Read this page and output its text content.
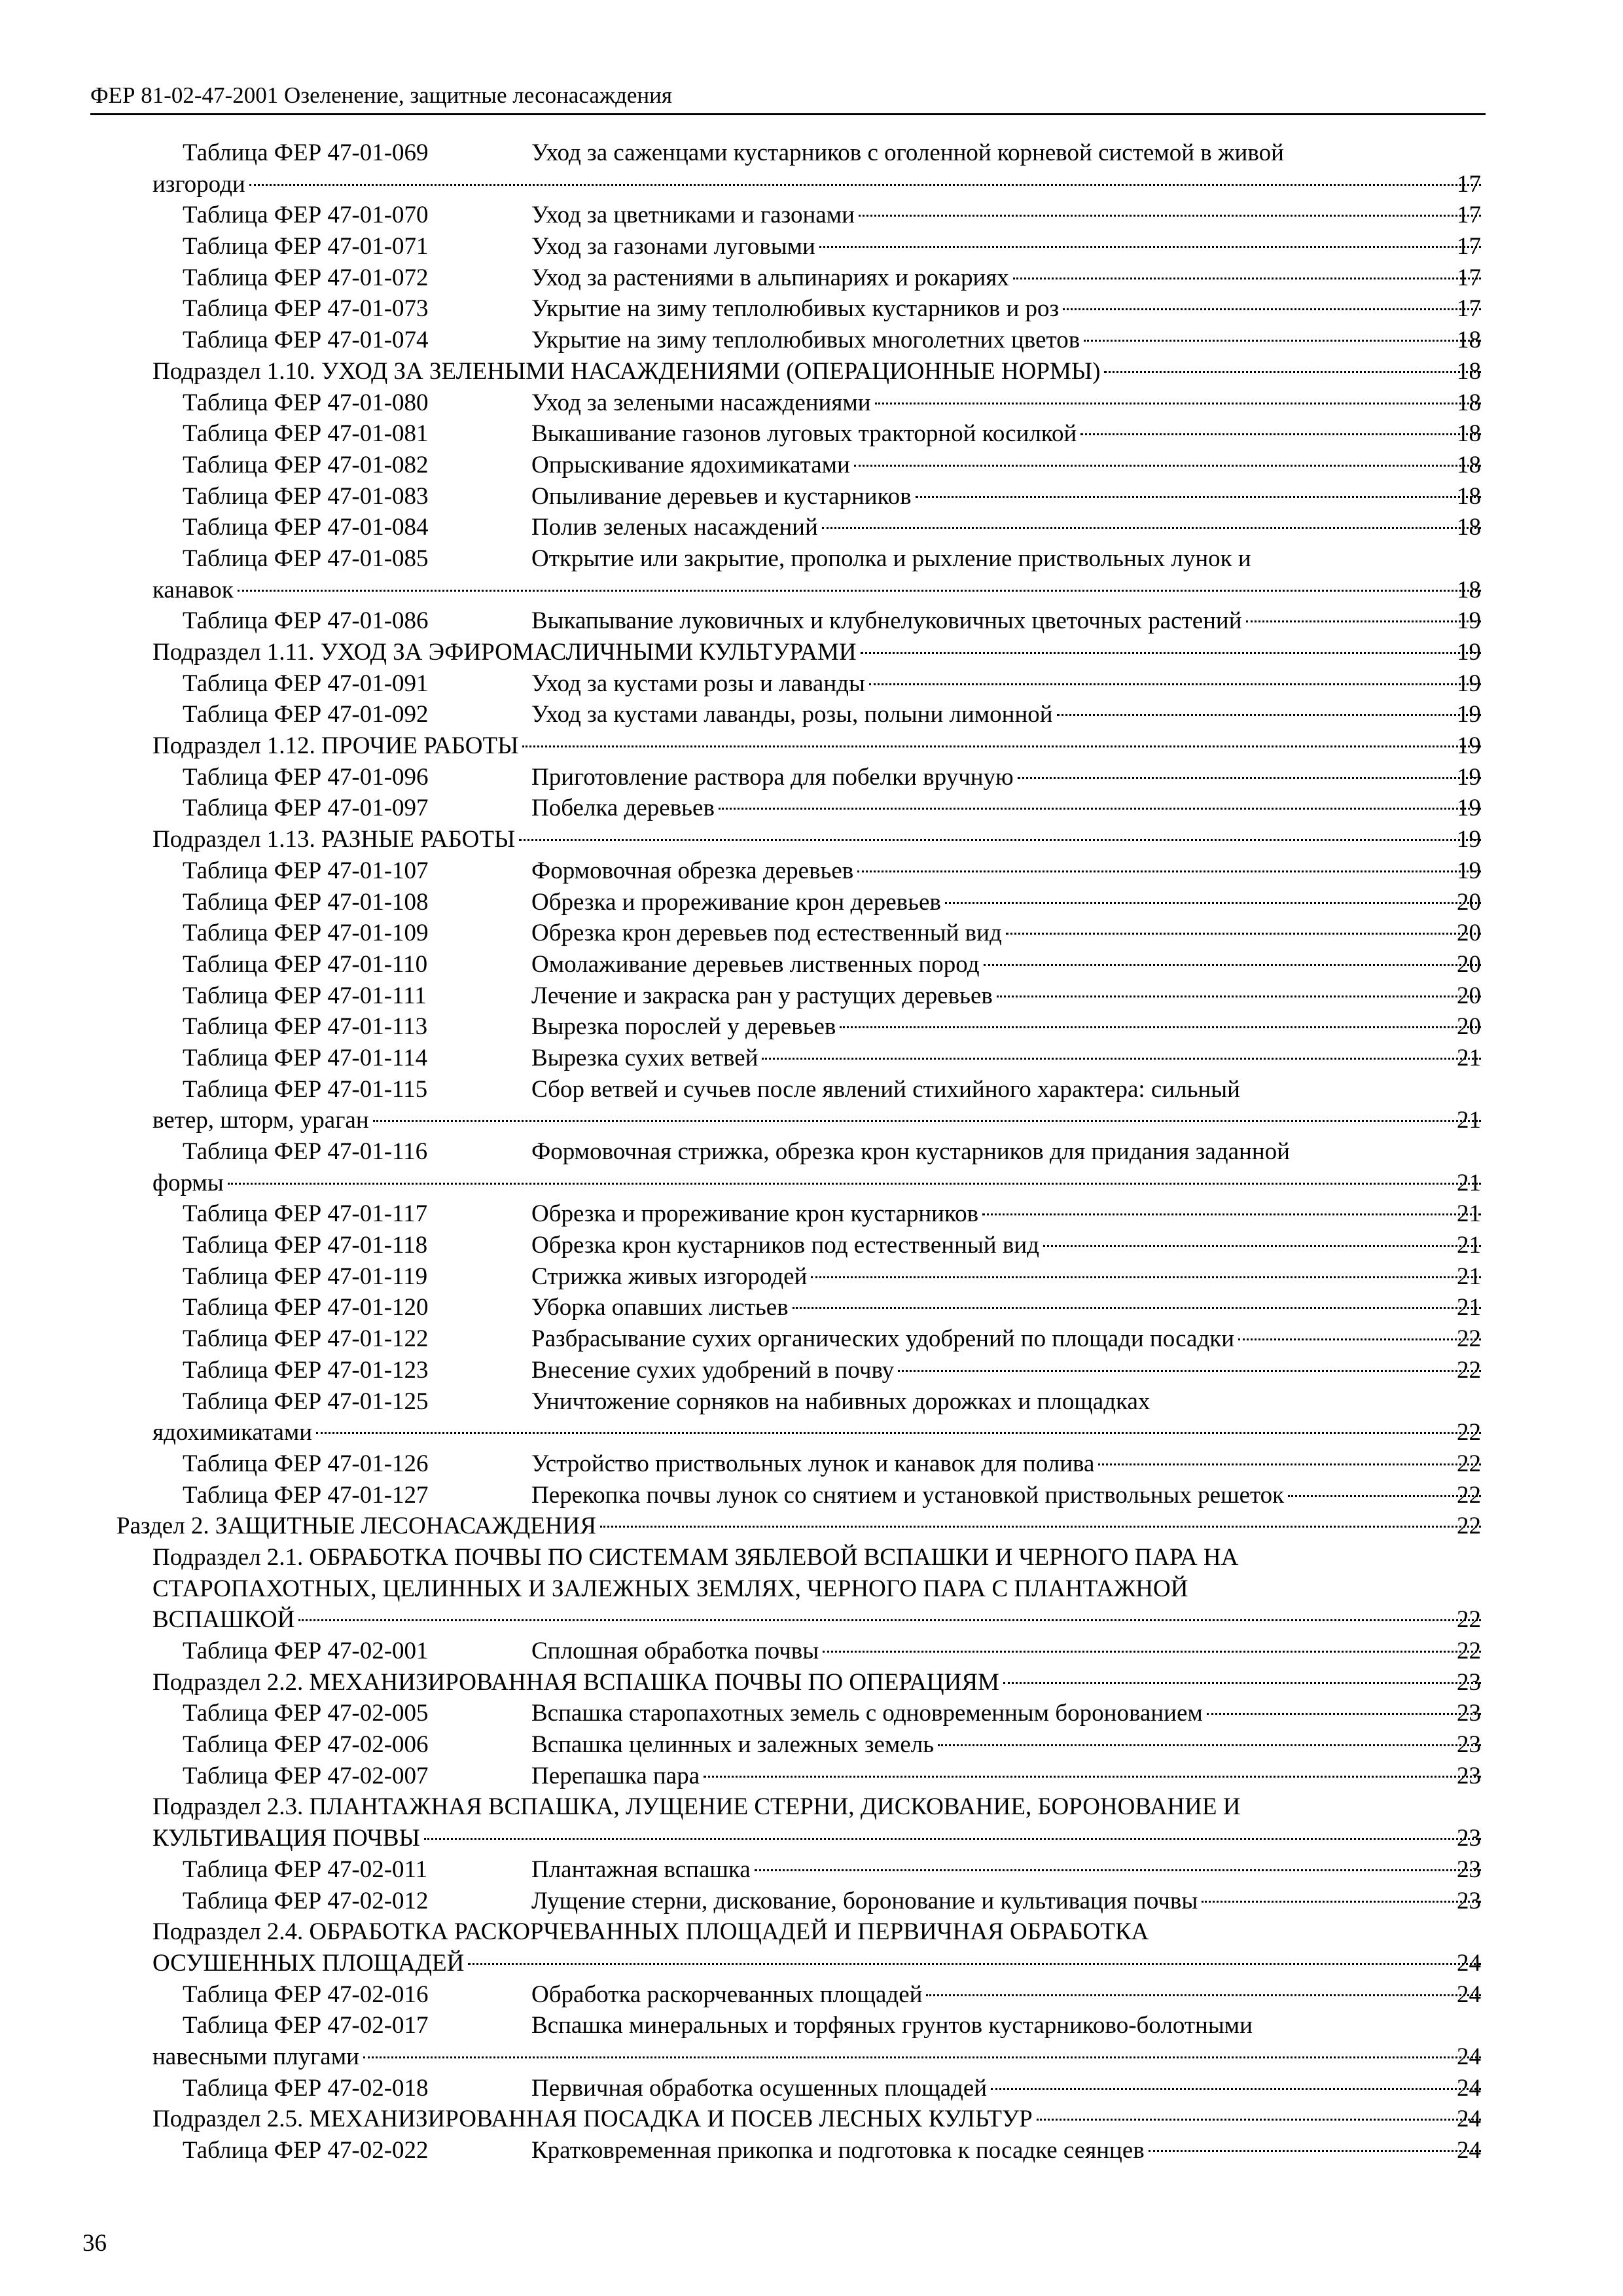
ФЕР 81-02-47-2001 Озеленение, защитные лесонасаждения
Таблица ФЕР 47-01-069	Уход за саженцами кустарников с оголенной корневой системой в живой
изгороди	17
Таблица ФЕР 47-01-070	Уход за цветниками и газонами	17
Таблица ФЕР 47-01-071	Уход за газонами луговыми	17
Таблица ФЕР 47-01-072	Уход за растениями в альпинариях и рокариях	17
Таблица ФЕР 47-01-073	Укрытие на зиму теплолюбивых кустарников и роз	17
Таблица ФЕР 47-01-074	Укрытие на зиму теплолюбивых многолетних цветов	18
Подраздел 1.10. УХОД ЗА ЗЕЛЕНЫМИ НАСАЖДЕНИЯМИ (ОПЕРАЦИОННЫЕ НОРМЫ)	18
Таблица ФЕР 47-01-080	Уход за зелеными насаждениями	18
Таблица ФЕР 47-01-081	Выкашивание газонов луговых тракторной косилкой	18
Таблица ФЕР 47-01-082	Опрыскивание ядохимикатами	18
Таблица ФЕР 47-01-083	Опыливание деревьев и кустарников	18
Таблица ФЕР 47-01-084	Полив зеленых насаждений	18
Таблица ФЕР 47-01-085	Открытие или закрытие, прополка и рыхление приствольных лунок и
канавок	18
Таблица ФЕР 47-01-086	Выкапывание луковичных и клубнелуковичных цветочных растений	19
Подраздел 1.11. УХОД ЗА ЭФИРОМАСЛИЧНЫМИ КУЛЬТУРАМИ	19
Таблица ФЕР 47-01-091	Уход за кустами розы и лаванды	19
Таблица ФЕР 47-01-092	Уход за кустами лаванды, розы, полыни лимонной	19
Подраздел 1.12. ПРОЧИЕ РАБОТЫ	19
Таблица ФЕР 47-01-096	Приготовление раствора для побелки вручную	19
Таблица ФЕР 47-01-097	Побелка деревьев	19
Подраздел 1.13. РАЗНЫЕ РАБОТЫ	19
Таблица ФЕР 47-01-107	Формовочная обрезка деревьев	19
Таблица ФЕР 47-01-108	Обрезка и прореживание крон деревьев	20
Таблица ФЕР 47-01-109	Обрезка крон деревьев под естественный вид	20
Таблица ФЕР 47-01-110	Омолаживание деревьев лиственных пород	20
Таблица ФЕР 47-01-111	Лечение и закраска ран у растущих деревьев	20
Таблица ФЕР 47-01-113	Вырезка порослей у деревьев	20
Таблица ФЕР 47-01-114	Вырезка сухих ветвей	21
Таблица ФЕР 47-01-115	Сбор ветвей и сучьев после явлений стихийного характера: сильный
ветер, шторм, ураган	21
Таблица ФЕР 47-01-116	Формовочная стрижка, обрезка крон кустарников для придания заданной
формы	21
Таблица ФЕР 47-01-117	Обрезка и прореживание крон кустарников	21
Таблица ФЕР 47-01-118	Обрезка крон кустарников под естественный вид	21
Таблица ФЕР 47-01-119	Стрижка живых изгородей	21
Таблица ФЕР 47-01-120	Уборка опавших листьев	21
Таблица ФЕР 47-01-122	Разбрасывание сухих органических удобрений по площади посадки	22
Таблица ФЕР 47-01-123	Внесение сухих удобрений в почву	22
Таблица ФЕР 47-01-125	Уничтожение сорняков на набивных дорожках и площадках
ядохимикатами	22
Таблица ФЕР 47-01-126	Устройство приствольных лунок и канавок для полива	22
Таблица ФЕР 47-01-127	Перекопка почвы лунок со снятием и установкой приствольных решеток	22
Раздел 2. ЗАЩИТНЫЕ ЛЕСОНАСАЖДЕНИЯ	22
Подраздел 2.1. ОБРАБОТКА ПОЧВЫ ПО СИСТЕМАМ ЗЯБЛЕВОЙ ВСПАШКИ И ЧЕРНОГО ПАРА НА
СТАРОПАХОТНЫХ, ЦЕЛИННЫХ И ЗАЛЕЖНЫХ ЗЕМЛЯХ, ЧЕРНОГО ПАРА С ПЛАНТАЖНОЙ
ВСПАШКОЙ	22
Таблица ФЕР 47-02-001	Сплошная обработка почвы	22
Подраздел 2.2. МЕХАНИЗИРОВАННАЯ ВСПАШКА ПОЧВЫ ПО ОПЕРАЦИЯМ	23
Таблица ФЕР 47-02-005	Вспашка старопахотных земель с одновременным боронованием	23
Таблица ФЕР 47-02-006	Вспашка целинных и залежных земель	23
Таблица ФЕР 47-02-007	Перепашка пара	23
Подраздел 2.3. ПЛАНТАЖНАЯ ВСПАШКА, ЛУЩЕНИЕ СТЕРНИ, ДИСКОВАНИЕ, БОРОНОВАНИЕ И
КУЛЬТИВАЦИЯ ПОЧВЫ	23
Таблица ФЕР 47-02-011	Плантажная вспашка	23
Таблица ФЕР 47-02-012	Лущение стерни, дискование, боронование и культивация почвы	23
Подраздел 2.4. ОБРАБОТКА РАСКОРЧЕВАННЫХ ПЛОЩАДЕЙ И ПЕРВИЧНАЯ ОБРАБОТКА
ОСУШЕННЫХ ПЛОЩАДЕЙ	24
Таблица ФЕР 47-02-016	Обработка раскорчеванных площадей	24
Таблица ФЕР 47-02-017	Вспашка минеральных и торфяных грунтов кустарниково-болотными
навесными плугами	24
Таблица ФЕР 47-02-018	Первичная обработка осушенных площадей	24
Подраздел 2.5. МЕХАНИЗИРОВАННАЯ ПОСАДКА И ПОСЕВ ЛЕСНЫХ КУЛЬТУР	24
Таблица ФЕР 47-02-022	Кратковременная прикопка и подготовка к посадке сеянцев	24
36
